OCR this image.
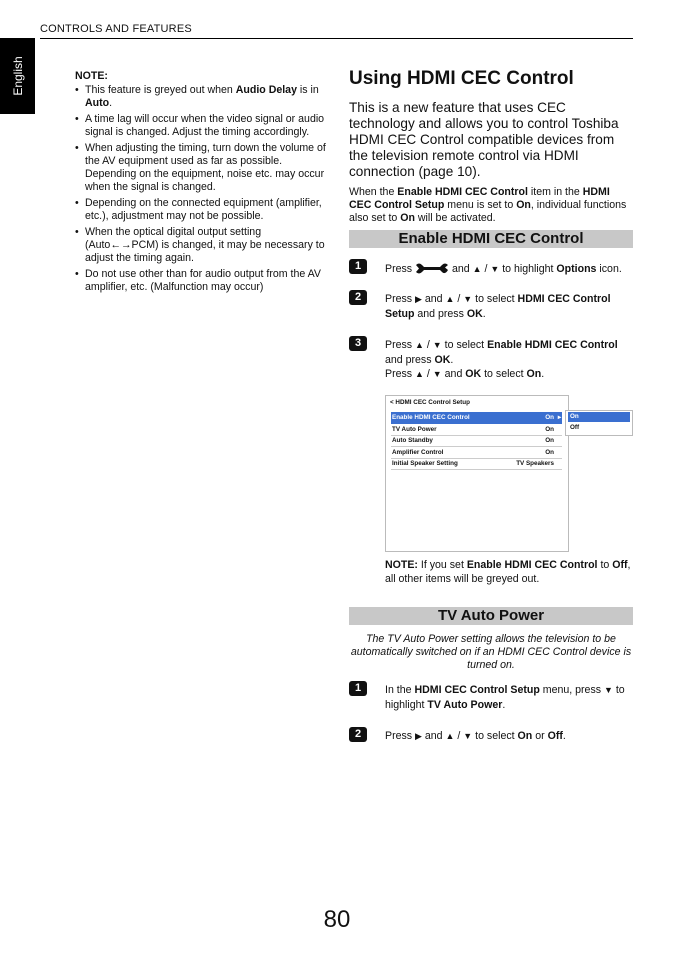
CONTROLS AND FEATURES
English	NOTE:
• This feature is greyed out when Audio Delay is in Auto.
• A time lag will occur when the video signal or audio signal is changed. Adjust the timing accordingly.
• When adjusting the timing, turn down the volume of the AV equipment used as far as possible. Depending on the equipment, noise etc. may occur when the signal is changed.
• Depending on the connected equipment (amplifier, etc.), adjustment may not be possible.
• When the optical digital output setting (Auto←→PCM) is changed, it may be necessary to adjust the timing again.
• Do not use other than for audio output from the AV amplifier, etc. (Malfunction may occur)
Using HDMI CEC Control

This is a new feature that uses CEC technology and allows you to control Toshiba HDMI CEC Control compatible devices from the television remote control via HDMI connection (page 10).

When the Enable HDMI CEC Control item in the HDMI CEC Control Setup menu is set to On, individual functions also set to On will be activated.

Enable HDMI CEC Control
1	Press	and ▲ / ▼ to highlight Options icon.
2	Press ▶ and ▲ / ▼ to select HDMI CEC Control Setup and press OK.
3	Press ▲ / ▼ to select Enable HDMI CEC Control and press OK.
Press ▲ / ▼ and OK to select On.
< HDMI CEC Control Setup
Enable HDMI CEC Control	On ▸
TV Auto Power	On
Auto Standby	On
Amplifier Control	On
Initial Speaker Setting	TV Speakers
On
Off
NOTE: If you set Enable HDMI CEC Control to Off, all other items will be greyed out.
TV Auto Power
The TV Auto Power setting allows the television to be automatically switched on if an HDMI CEC Control device is turned on.
1	In the HDMI CEC Control Setup menu, press ▼ to highlight TV Auto Power.
2	Press ▶ and ▲ / ▼ to select On or Off.
80
